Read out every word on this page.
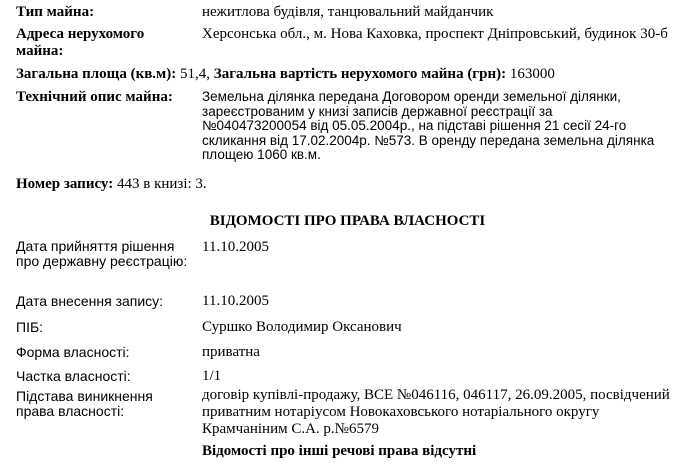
Тип майна:	нежитлова будівля, танцювальний майданчик
Адреса нерухомого майна:
Херсонська обл., м. Нова Каховка, проспект Дніпровський, будинок 30-б
Загальна площа (кв.м): 51,4, Загальна вартість нерухомого майна (грн): 163000
Технічний опис майна: Земельна ділянка передана Договором оренди земельної ділянки, зареєстрованим у книзі записів державної реєстрації за №040473200054 від 05.05.2004р., на підставі рішення 21 сесії 24-го скликання від 17.02.2004р. №573. В оренду передана земельна ділянка площею 1060 кв.м.
Номер запису: 443 в книзі: 3.
ВІДОМОСТІ ПРО ПРАВА ВЛАСНОСТІ
Дата прийняття рішення про державну реєстрацію:
11.10.2005
Дата внесення запису:	11.10.2005
ПІБ:	Суршко Володимир Оксанович
Форма власності:	приватна
Частка власності:	1/1
Підстава виникнення права власності:
договір купівлі-продажу, ВСЕ №046116, 046117, 26.09.2005, посвідчений приватним нотаріусом Новокаховського нотаріального округу Крамчаніним С.А. р.№6579
Відомості про інші речові права відсутні
